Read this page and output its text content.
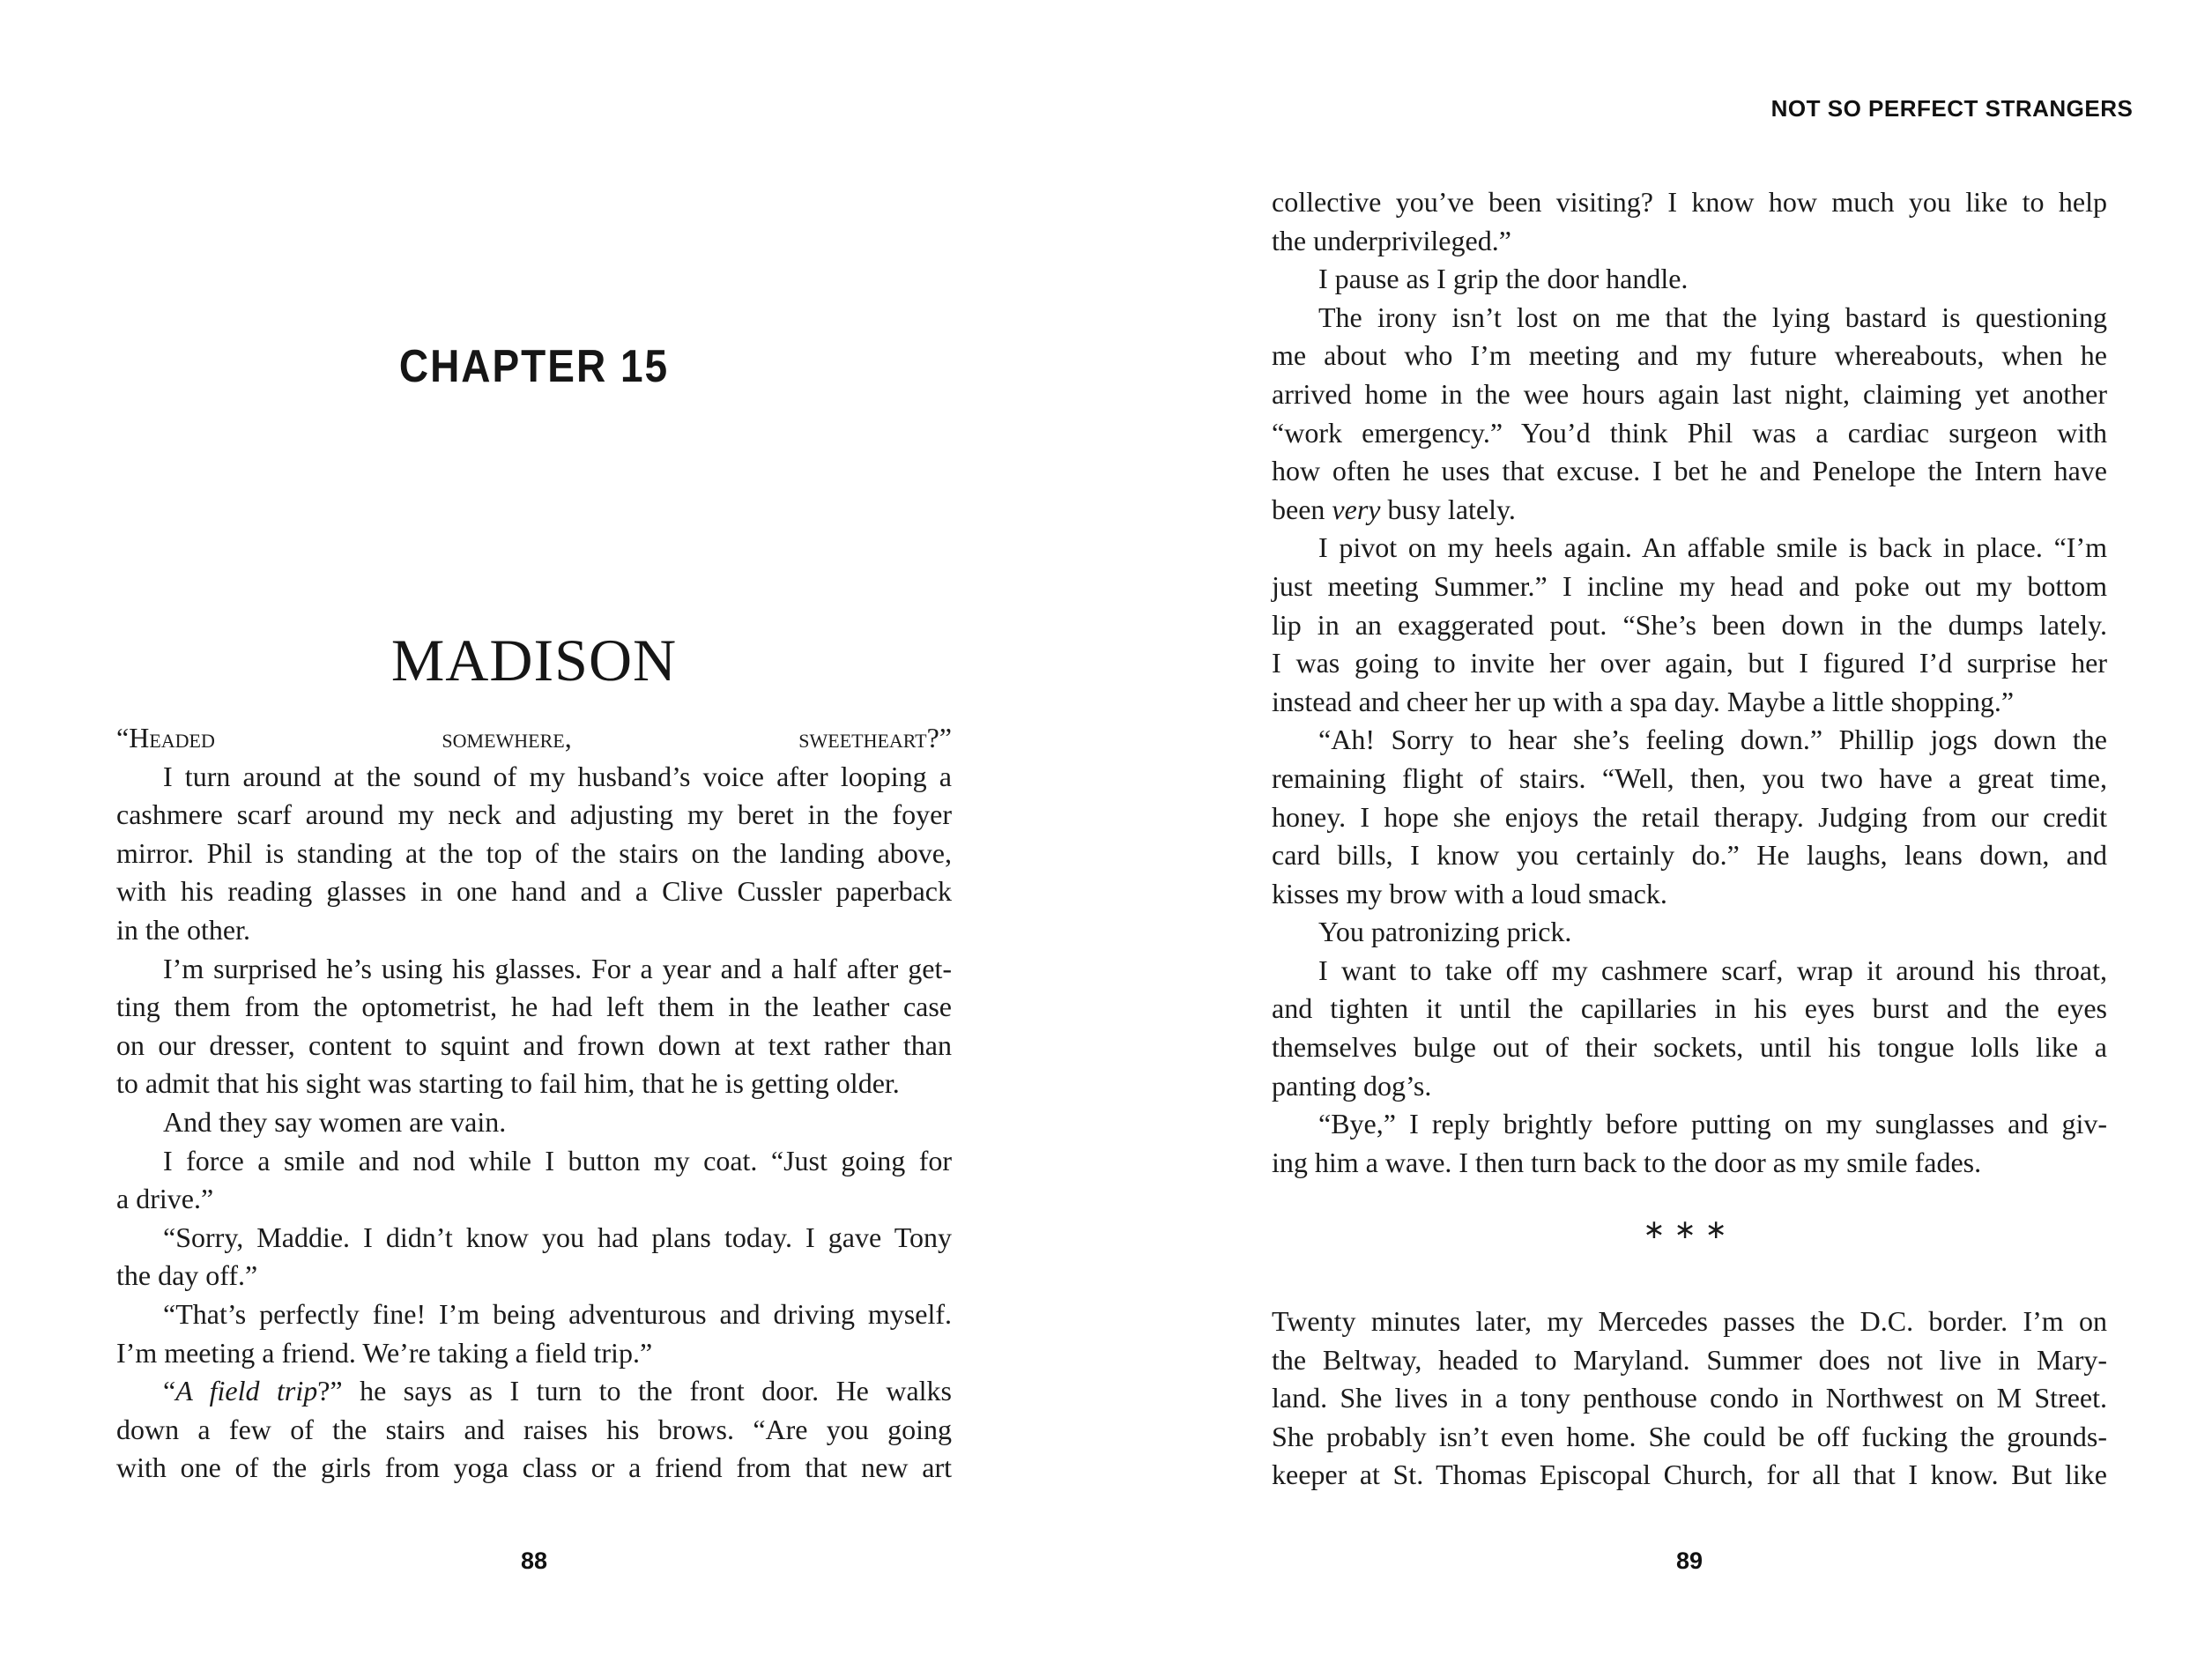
CHAPTER 15
MADISON
“Headed somewhere, sweetheart?”
I turn around at the sound of my husband’s voice after looping a
cashmere scarf around my neck and adjusting my beret in the foyer
mirror. Phil is standing at the top of the stairs on the landing above,
with his reading glasses in one hand and a Clive Cussler paperback
in the other.
I’m surprised he’s using his glasses. For a year and a half after get-
ting them from the optometrist, he had left them in the leather case
on our dresser, content to squint and frown down at text rather than
to admit that his sight was starting to fail him, that he is getting older.
And they say women are vain.
I force a smile and nod while I button my coat. “Just going for
a drive.”
“Sorry, Maddie. I didn’t know you had plans today. I gave Tony
the day off.”
“That’s perfectly fine! I’m being adventurous and driving myself.
I’m meeting a friend. We’re taking a field trip.”
“A field trip?” he says as I turn to the front door. He walks
down a few of the stairs and raises his brows. “Are you going
with one of the girls from yoga class or a friend from that new art
88
NOT SO PERFECT STRANGERS
collective you’ve been visiting? I know how much you like to help
the underprivileged.”
I pause as I grip the door handle.
The irony isn’t lost on me that the lying bastard is questioning
me about who I’m meeting and my future whereabouts, when he
arrived home in the wee hours again last night, claiming yet another
“work emergency.” You’d think Phil was a cardiac surgeon with
how often he uses that excuse. I bet he and Penelope the Intern have
been very busy lately.
I pivot on my heels again. An affable smile is back in place. “I’m
just meeting Summer.” I incline my head and poke out my bottom
lip in an exaggerated pout. “She’s been down in the dumps lately.
I was going to invite her over again, but I figured I’d surprise her
instead and cheer her up with a spa day. Maybe a little shopping.”
“Ah! Sorry to hear she’s feeling down.” Phillip jogs down the
remaining flight of stairs. “Well, then, you two have a great time,
honey. I hope she enjoys the retail therapy. Judging from our credit
card bills, I know you certainly do.” He laughs, leans down, and
kisses my brow with a loud smack.
You patronizing prick.
I want to take off my cashmere scarf, wrap it around his throat,
and tighten it until the capillaries in his eyes burst and the eyes
themselves bulge out of their sockets, until his tongue lolls like a
panting dog’s.
“Bye,” I reply brightly before putting on my sunglasses and giv-
ing him a wave. I then turn back to the door as my smile fades.
∗∗∗
Twenty minutes later, my Mercedes passes the D.C. border. I’m on
the Beltway, headed to Maryland. Summer does not live in Mary-
land. She lives in a tony penthouse condo in Northwest on M Street.
She probably isn’t even home. She could be off fucking the grounds-
keeper at St. Thomas Episcopal Church, for all that I know. But like
89
